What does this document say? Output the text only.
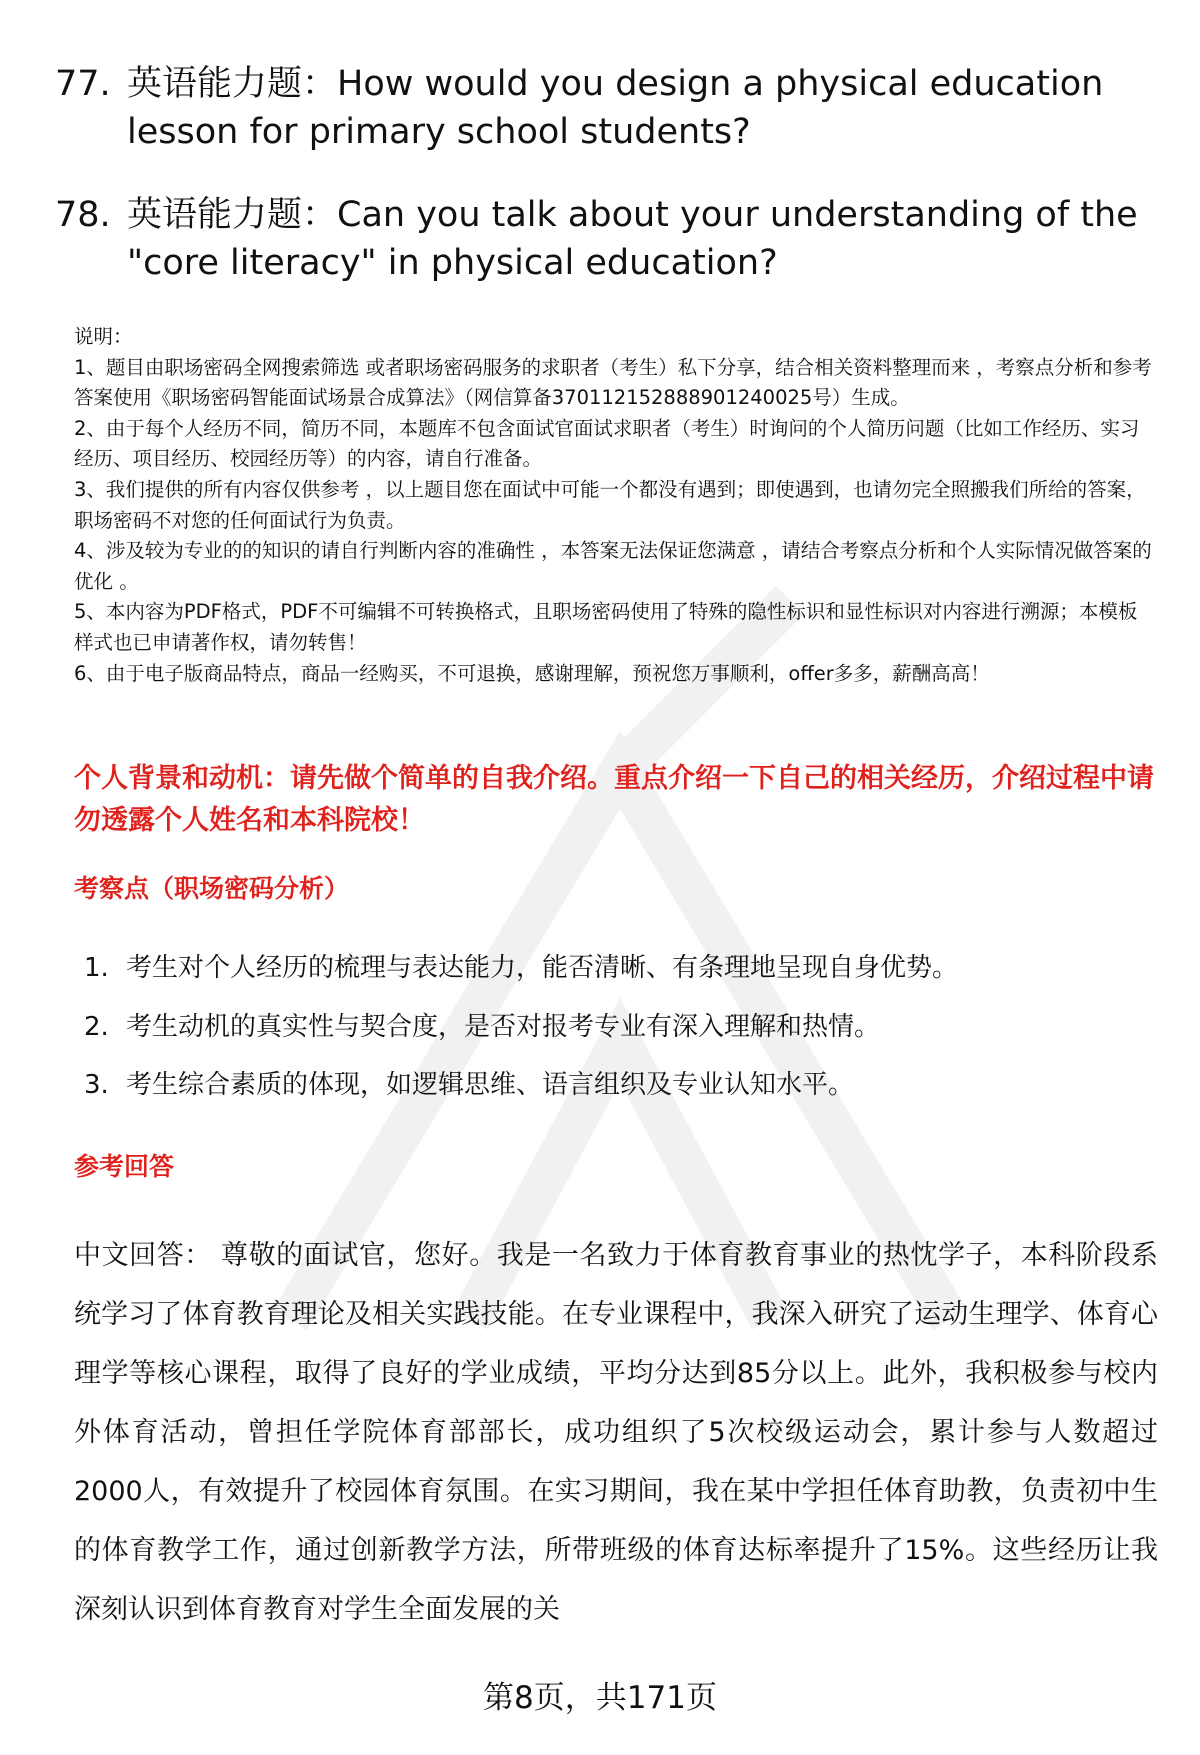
77. 英语能力题：How would you design a physical education lesson for primary school students?
78. 英语能力题：Can you talk about your understanding of the "core literacy" in physical education?
说明：
1、题目由职场密码全网搜索筛选 或者职场密码服务的求职者（考生）私下分享，结合相关资料整理而来 ，考察点分析和参考答案使用《职场密码智能面试场景合成算法》（网信算备370112152888901240025号）生成。
2、由于每个人经历不同，简历不同，本题库不包含面试官面试求职者（考生）时询问的个人简历问题（比如工作经历、实习经历、项目经历、校园经历等）的内容，请自行准备。
3、我们提供的所有内容仅供参考 ，以上题目您在面试中可能一个都没有遇到；即使遇到，也请勿完全照搬我们所给的答案，职场密码不对您的任何面试行为负责。
4、涉及较为专业的的知识的请自行判断内容的准确性 ，本答案无法保证您满意 ，请结合考察点分析和个人实际情况做答案的优化 。
5、本内容为PDF格式，PDF不可编辑不可转换格式，且职场密码使用了特殊的隐性标识和显性标识对内容进行溯源；本模板样式也已申请著作权，请勿转售！
6、由于电子版商品特点，商品一经购买，不可退换，感谢理解，预祝您万事顺利，offer多多，薪酬高高！
个人背景和动机：请先做个简单的自我介绍。重点介绍一下自己的相关经历，介绍过程中请勿透露个人姓名和本科院校！
考察点（职场密码分析）
1. 考生对个人经历的梳理与表达能力，能否清晰、有条理地呈现自身优势。
2. 考生动机的真实性与契合度，是否对报考专业有深入理解和热情。
3. 考生综合素质的体现，如逻辑思维、语言组织及专业认知水平。
参考回答
中文回答： 尊敬的面试官，您好。我是一名致力于体育教育事业的热忱学子，本科阶段系统学习了体育教育理论及相关实践技能。在专业课程中，我深入研究了运动生理学、体育心理学等核心课程，取得了良好的学业成绩，平均分达到85分以上。此外，我积极参与校内外体育活动，曾担任学院体育部部长，成功组织了5次校级运动会，累计参与人数超过2000人，有效提升了校园体育氛围。在实习期间，我在某中学担任体育助教，负责初中生的体育教学工作，通过创新教学方法，所带班级的体育达标率提升了15%。这些经历让我深刻认识到体育教育对学生全面发展的关
第8页，共171页
